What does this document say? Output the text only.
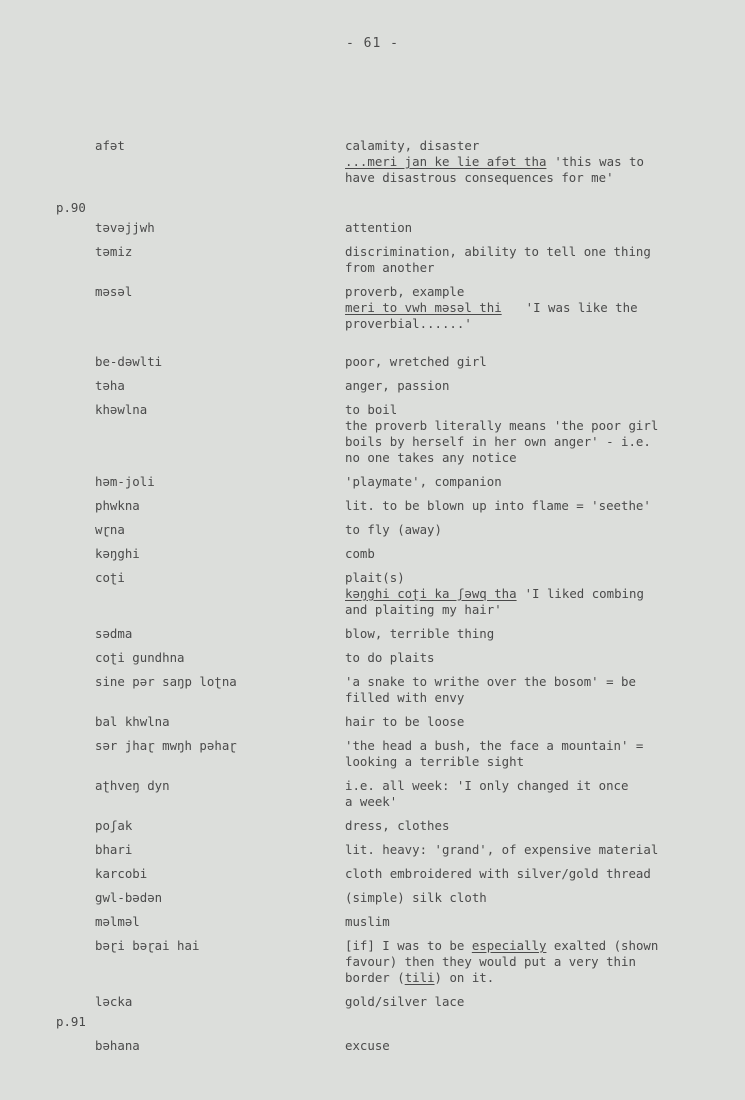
- 61 -
afət	calamity, disaster
...meri jan ke lie afət tha 'this was to
have disastrous consequences for me'
p.90
təvəjjwh	attention
təmiz	discrimination, ability to tell one thing
from another
məsəl	proverb, example
meri to vwh məsəl thi 'I was like the
proverbial......'
be-dəwlti	poor, wretched girl
təha	anger, passion
khəwlna	to boil
the proverb literally means 'the poor girl
boils by herself in her own anger' - i.e.
no one takes any notice
həm-joli	'playmate', companion
phwkna	lit. to be blown up into flame = 'seethe'
wɽna	to fly (away)
kəŋghi	comb
coʈi	plait(s)
kəŋghi coʈi ka ʃəwq tha 'I liked combing
and plaiting my hair'
sədma	blow, terrible thing
coʈi gundhna	to do plaits
sine pər saŋp loʈna	'a snake to writhe over the bosom' = be
filled with envy
bal khwlna	hair to be loose
sər jhaɽ mwŋh pəhaɽ	'the head a bush, the face a mountain' =
looking a terrible sight
aʈhveŋ dyn	i.e. all week: 'I only changed it once
a week'
poʃak	dress, clothes
bhari	lit. heavy: 'grand', of expensive material
karcobi	cloth embroidered with silver/gold thread
gwl-bədən	(simple) silk cloth
məlməl	muslim
bəɽi bəɽai hai	[if] I was to be especially exalted (shown
favour) then they would put a very thin
border (tili) on it.
ləcka	gold/silver lace
p.91
bəhana	excuse
